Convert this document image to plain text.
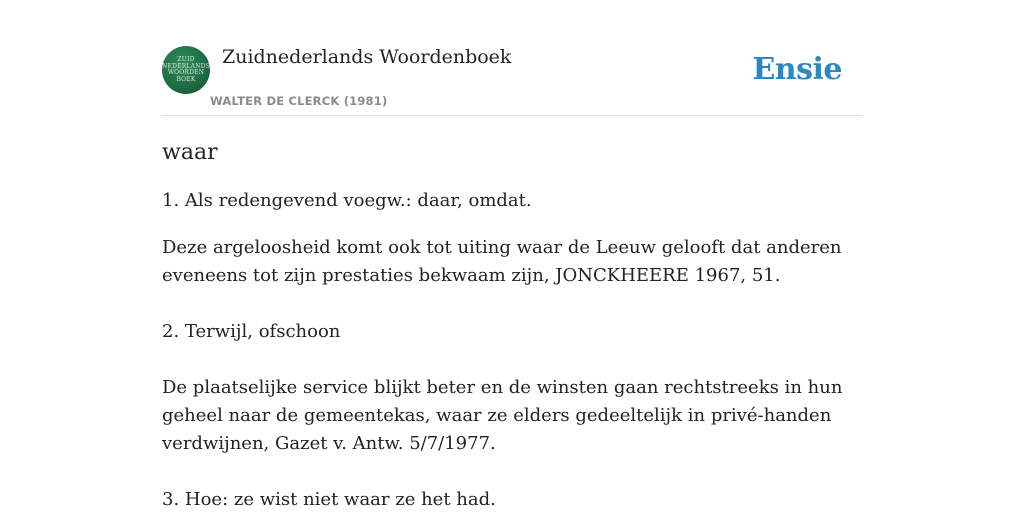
ZUID
NEDERLANDS
WOORDEN
BOEK
Zuidnederlands Woordenboek
WALTER DE CLERCK (1981)
Ensie
waar

1. Als redengevend voegw.: daar, omdat.

Deze argeloosheid komt ook tot uiting waar de Leeuw gelooft dat anderen eveneens tot zijn prestaties bekwaam zijn, JONCKHEERE 1967, 51.

2. Terwijl, ofschoon

De plaatselijke service blijkt beter en de winsten gaan rechtstreeks in hun geheel naar de gemeentekas, waar ze elders gedeeltelijk in privé-handen verdwijnen, Gazet v. Antw. 5/7/1977.

3. Hoe: ze wist niet waar ze het had.
